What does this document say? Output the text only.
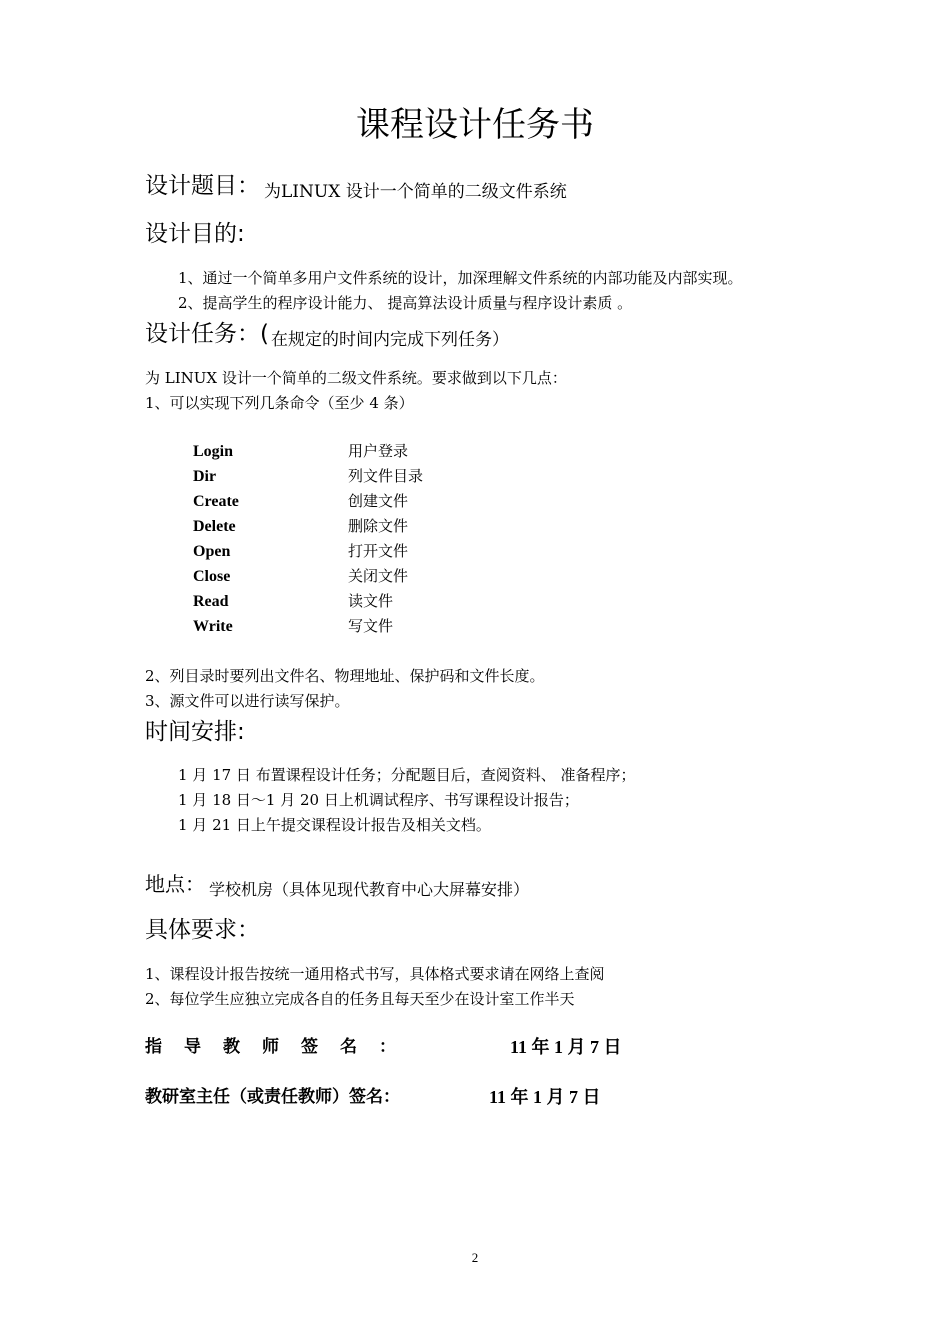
课程设计任务书
设计题目： 为LINUX 设计一个简单的二级文件系统
设计目的:
1、通过一个简单多用户文件系统的设计，加深理解文件系统的内部功能及内部实现。
2、提高学生的程序设计能力、 提高算法设计质量与程序设计素质 。
设计任务：( 在规定的时间内完成下列任务）
为 LINUX 设计一个简单的二级文件系统。要求做到以下几点：
1、可以实现下列几条命令（至少 4 条）
Login	用户登录
Dir	列文件目录
Create	创建文件
Delete	删除文件
Open	打开文件
Close	关闭文件
Read	读文件
Write	写文件
2、列目录时要列出文件名、物理地址、保护码和文件长度。
3、源文件可以进行读写保护。
时间安排:
1 月 17 日 布置课程设计任务；分配题目后，查阅资料、 准备程序；
1 月 18 日～1 月 20 日上机调试程序、书写课程设计报告；
1 月 21 日上午提交课程设计报告及相关文档。
地点： $_{学校机房(具体见现代教育中心大屏幕安排)}$
具体要求：
1、课程设计报告按统一通用格式书写，具体格式要求请在网络上查阅
2、每位学生应独立完成各自的任务且每天至少在设计室工作半天
指导教师签名：	11 年 1 月 7 日
教研室主任（或责任教师）签名：	11 年 1 月 7 日
2
